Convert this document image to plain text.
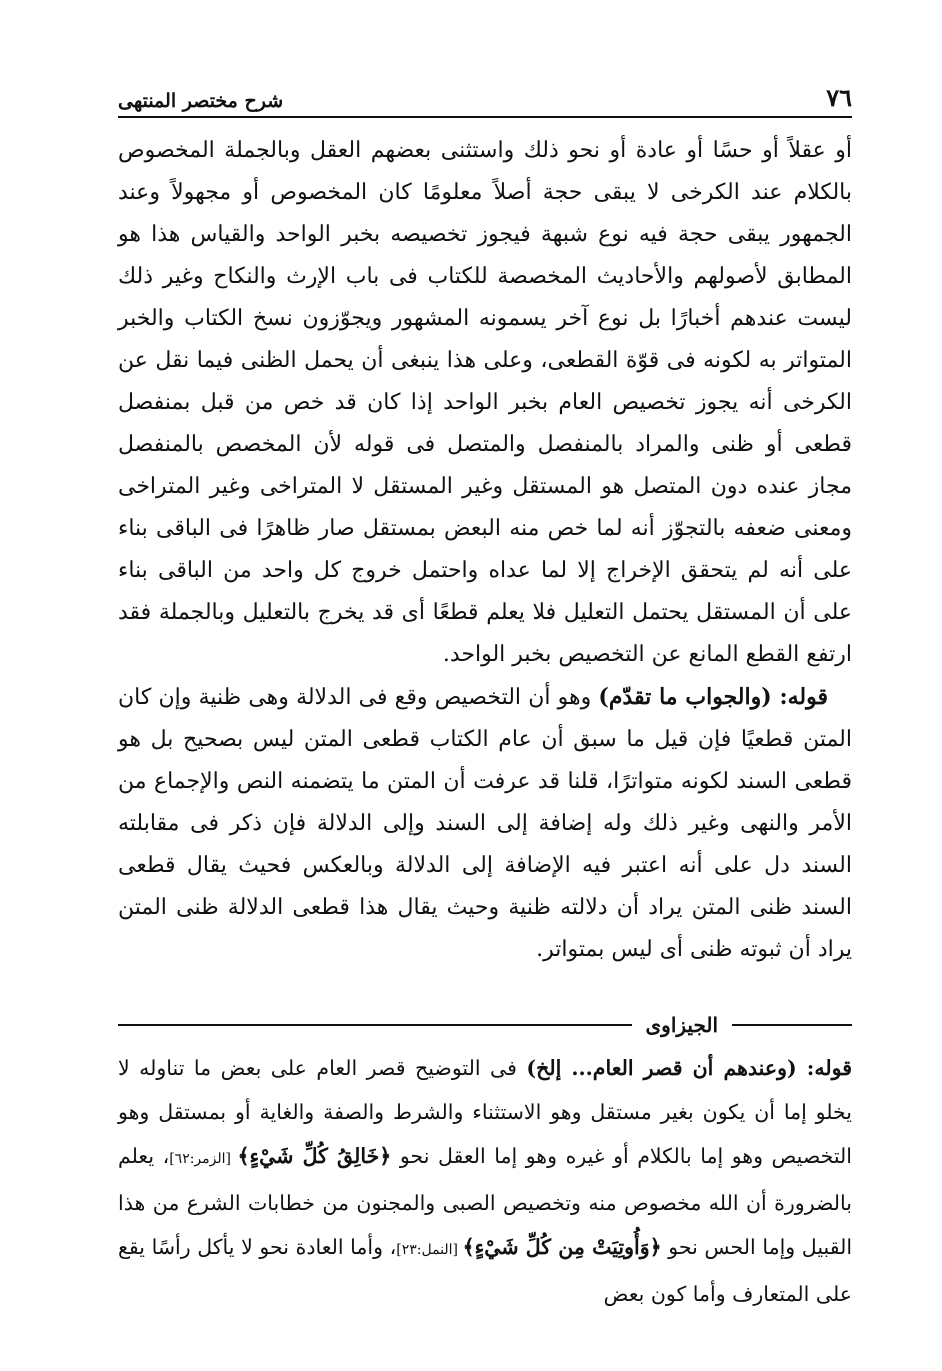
٧٦
شرح مختصر المنتهى

أو عقلاً أو حسًا أو عادة أو نحو ذلك واستثنى بعضهم العقل وبالجملة المخصوص بالكلام عند الكرخى لا يبقى حجة أصلاً معلومًا كان المخصوص أو مجهولاً وعند الجمهور يبقى حجة فيه نوع شبهة فيجوز تخصيصه بخبر الواحد والقياس هذا هو المطابق لأصولهم والأحاديث المخصصة للكتاب فى باب الإرث والنكاح وغير ذلك ليست عندهم أخبارًا بل نوع آخر يسمونه المشهور ويجوّزون نسخ الكتاب والخبر المتواتر به لكونه فى قوّة القطعى، وعلى هذا ينبغى أن يحمل الظنى فيما نقل عن الكرخى أنه يجوز تخصيص العام بخبر الواحد إذا كان قد خص من قبل بمنفصل قطعى أو ظنى والمراد بالمنفصل والمتصل فى قوله لأن المخصص بالمنفصل مجاز عنده دون المتصل هو المستقل وغير المستقل لا المتراخى وغير المتراخى ومعنى ضعفه بالتجوّز أنه لما خص منه البعض بمستقل صار ظاهرًا فى الباقى بناء على أنه لم يتحقق الإخراج إلا لما عداه واحتمل خروج كل واحد من الباقى بناء على أن المستقل يحتمل التعليل فلا يعلم قطعًا أى قد يخرج بالتعليل وبالجملة فقد ارتفع القطع المانع عن التخصيص بخبر الواحد.

قوله: (والجواب ما تقدّم) وهو أن التخصيص وقع فى الدلالة وهى ظنية وإن كان المتن قطعيًا فإن قيل ما سبق أن عام الكتاب قطعى المتن ليس بصحيح بل هو قطعى السند لكونه متواترًا، قلنا قد عرفت أن المتن ما يتضمنه النص والإجماع من الأمر والنهى وغير ذلك وله إضافة إلى السند وإلى الدلالة فإن ذكر فى مقابلته السند دل على أنه اعتبر فيه الإضافة إلى الدلالة وبالعكس فحيث يقال قطعى السند ظنى المتن يراد أن دلالته ظنية وحيث يقال هذا قطعى الدلالة ظنى المتن يراد أن ثبوته ظنى أى ليس بمتواتر.

الجيزاوى

قوله: (وعندهم أن قصر العام... إلخ) فى التوضيح قصر العام على بعض ما تناوله لا يخلو إما أن يكون بغير مستقل وهو الاستثناء والشرط والصفة والغاية أو بمستقل وهو التخصيص وهو إما بالكلام أو غيره وهو إما العقل نحو ﴿خَالِقُ كُلِّ شَيْءٍ﴾ [الزمر:٦٢]، يعلم بالضرورة أن الله مخصوص منه وتخصيص الصبى والمجنون من خطابات الشرع من هذا القبيل وإما الحس نحو ﴿وَأُوتِيَتْ مِن كُلِّ شَيْءٍ﴾ [النمل:٢٣]، وأما العادة نحو لا يأكل رأسًا يقع على المتعارف وأما كون بعض
